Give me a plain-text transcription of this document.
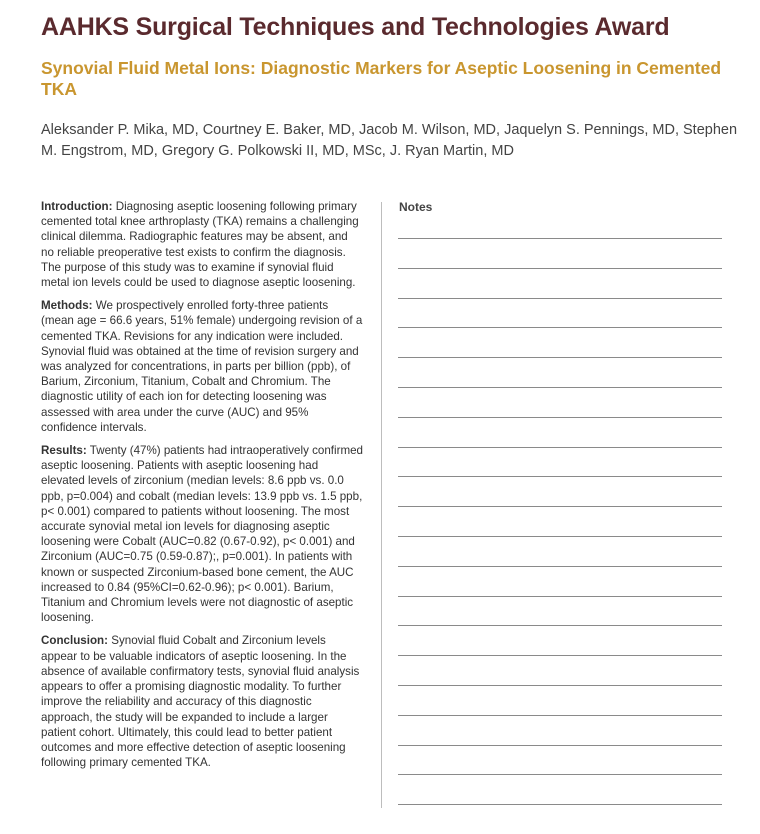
AAHKS Surgical Techniques and Technologies Award
Synovial Fluid Metal Ions: Diagnostic Markers for Aseptic Loosening in Cemented TKA

Aleksander P. Mika, MD, Courtney E. Baker, MD, Jacob M. Wilson, MD, Jaquelyn S. Pennings, MD, Stephen M. Engstrom, MD, Gregory G. Polkowski II, MD, MSc, J. Ryan Martin, MD

Introduction: Diagnosing aseptic loosening following primary cemented total knee arthroplasty (TKA) remains a challenging clinical dilemma. Radiographic features may be absent, and no reliable preoperative test exists to confirm the diagnosis. The purpose of this study was to examine if synovial fluid metal ion levels could be used to diagnose aseptic loosening.

Methods: We prospectively enrolled forty-three patients (mean age = 66.6 years, 51% female) undergoing revision of a cemented TKA. Revisions for any indication were included. Synovial fluid was obtained at the time of revision surgery and was analyzed for concentrations, in parts per billion (ppb), of Barium, Zirconium, Titanium, Cobalt and Chromium. The diagnostic utility of each ion for detecting loosening was assessed with area under the curve (AUC) and 95% confidence intervals.

Results: Twenty (47%) patients had intraoperatively confirmed aseptic loosening. Patients with aseptic loosening had elevated levels of zirconium (median levels: 8.6 ppb vs. 0.0 ppb, p=0.004) and cobalt (median levels: 13.9 ppb vs. 1.5 ppb, p< 0.001) compared to patients without loosening. The most accurate synovial metal ion levels for diagnosing aseptic loosening were Cobalt (AUC=0.82 (0.67-0.92), p< 0.001) and Zirconium (AUC=0.75 (0.59-0.87);, p=0.001). In patients with known or suspected Zirconium-based bone cement, the AUC increased to 0.84 (95%CI=0.62-0.96); p< 0.001). Barium, Titanium and Chromium levels were not diagnostic of aseptic loosening.

Conclusion: Synovial fluid Cobalt and Zirconium levels appear to be valuable indicators of aseptic loosening. In the absence of available confirmatory tests, synovial fluid analysis appears to offer a promising diagnostic modality. To further improve the reliability and accuracy of this diagnostic approach, the study will be expanded to include a larger patient cohort. Ultimately, this could lead to better patient outcomes and more effective detection of aseptic loosening following primary cemented TKA.

Notes
